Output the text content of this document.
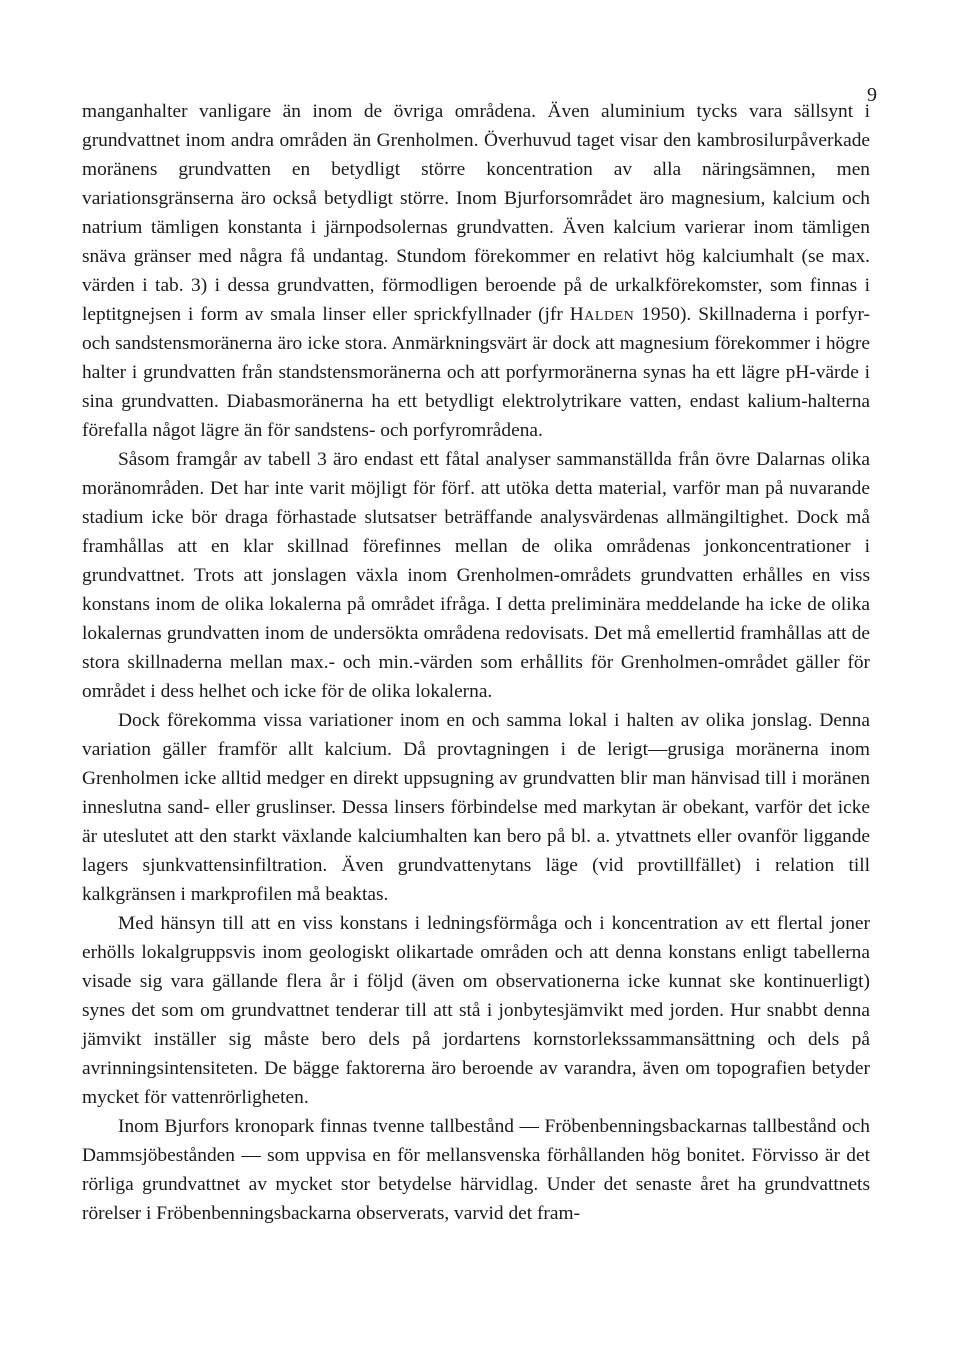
9

manganhalter vanligare än inom de övriga områdena. Även aluminium tycks vara sällsynt i grundvattnet inom andra områden än Grenholmen. Överhuvud taget visar den kambrosilurpåverkade moränens grundvatten en betydligt större koncentration av alla näringsämnen, men variationsgränserna äro också betydligt större. Inom Bjurforsområdet äro magnesium, kalcium och natrium tämligen konstanta i järnpodsolernas grundvatten. Även kalcium varierar inom tämligen snäva gränser med några få undantag. Stundom förekommer en relativt hög kalciumhalt (se max. värden i tab. 3) i dessa grundvatten, förmodligen beroende på de urkalkförekomster, som finnas i leptitgnejsen i form av smala linser eller sprickfyllnader (jfr Halden 1950). Skillnaderna i porfyr- och sandstensmoränerna äro icke stora. Anmärkningsvärt är dock att magnesium förekommer i högre halter i grundvatten från standstensmoränerna och att porfyrmoränerna synas ha ett lägre pH-värde i sina grundvatten. Diabasmoränerna ha ett betydligt elektrolytrikare vatten, endast kalium-halterna förefalla något lägre än för sandstens- och porfyrområdena.

Såsom framgår av tabell 3 äro endast ett fåtal analyser sammanställda från övre Dalarnas olika moränområden. Det har inte varit möjligt för förf. att utöka detta material, varför man på nuvarande stadium icke bör draga förhastade slutsatser beträffande analysvärdenas allmängiltighet. Dock må framhållas att en klar skillnad förefinnes mellan de olika områdenas jonkoncentrationer i grundvattnet. Trots att jonslagen växla inom Grenholmen-områdets grundvatten erhålles en viss konstans inom de olika lokalerna på området ifråga. I detta preliminära meddelande ha icke de olika lokalernas grundvatten inom de undersökta områdena redovisats. Det må emellertid framhållas att de stora skillnaderna mellan max.- och min.-värden som erhållits för Grenholmen-området gäller för området i dess helhet och icke för de olika lokalerna.

Dock förekomma vissa variationer inom en och samma lokal i halten av olika jonslag. Denna variation gäller framför allt kalcium. Då provtagningen i de lerigt—grusiga moränerna inom Grenholmen icke alltid medger en direkt uppsugning av grundvatten blir man hänvisad till i moränen inneslutna sand- eller gruslinser. Dessa linsers förbindelse med markytan är obekant, varför det icke är uteslutet att den starkt växlande kalciumhalten kan bero på bl. a. ytvattnets eller ovanför liggande lagers sjunkvattensinfiltration. Även grundvattenytans läge (vid provtillfället) i relation till kalkgränsen i markprofilen må beaktas.

Med hänsyn till att en viss konstans i ledningsförmåga och i koncentration av ett flertal joner erhölls lokalgruppsvis inom geologiskt olikartade områden och att denna konstans enligt tabellerna visade sig vara gällande flera år i följd (även om observationerna icke kunnat ske kontinuerligt) synes det som om grundvattnet tenderar till att stå i jonbytesjämvikt med jorden. Hur snabbt denna jämvikt inställer sig måste bero dels på jordartens kornstorlekssammansättning och dels på avrinningsintensiteten. De bägge faktorerna äro beroende av varandra, även om topografien betyder mycket för vattenrörligheten.

Inom Bjurfors kronopark finnas tvenne tallbestånd — Fröbenbenningsbackarnas tallbestånd och Dammsjöbestånden — som uppvisa en för mellansvenska förhållanden hög bonitet. Förvisso är det rörliga grundvattnet av mycket stor betydelse härvidlag. Under det senaste året ha grundvattnets rörelser i Fröbenbenningsbackarna observerats, varvid det fram-
